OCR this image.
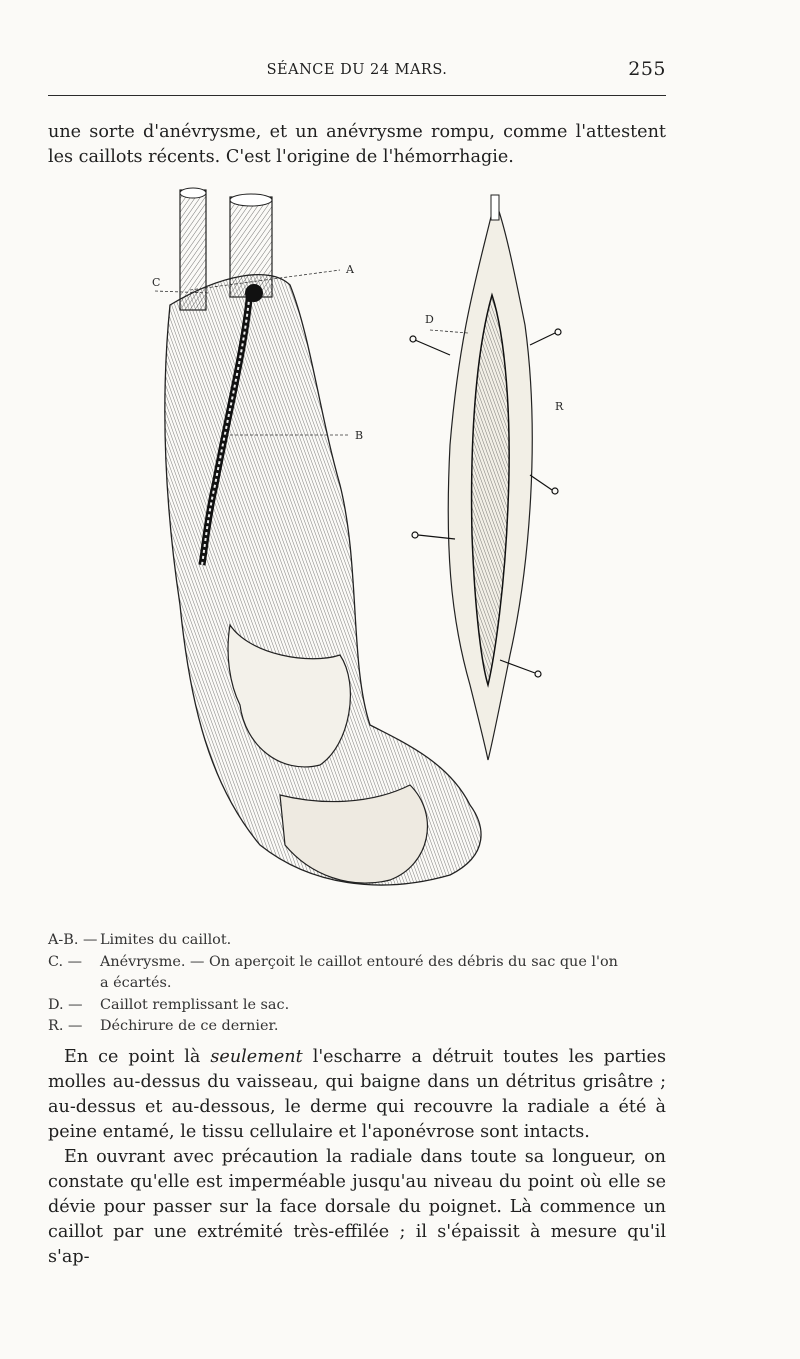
SÉANCE DU 24 MARS.	255

une sorte d'anévrysme, et un anévrysme rompu, comme l'attestent les caillots récents. C'est l'origine de l'hémorrhagie.

A
B
C
D
R
A-B. — Limites du caillot.
C. — Anévrysme. — On aperçoit le caillot entouré des débris du sac que l'on
a écartés.
D. — Caillot remplissant le sac.
R. — Déchirure de ce dernier.

En ce point là seulement l'escharre a détruit toutes les parties molles au-dessus du vaisseau, qui baigne dans un détritus grisâtre ; au-dessus et au-dessous, le derme qui recouvre la radiale a été à peine entamé, le tissu cellulaire et l'aponévrose sont intacts.

En ouvrant avec précaution la radiale dans toute sa longueur, on constate qu'elle est imperméable jusqu'au niveau du point où elle se dévie pour passer sur la face dorsale du poignet. Là commence un caillot par une extrémité très-effilée ; il s'épaissit à mesure qu'il s'ap-
